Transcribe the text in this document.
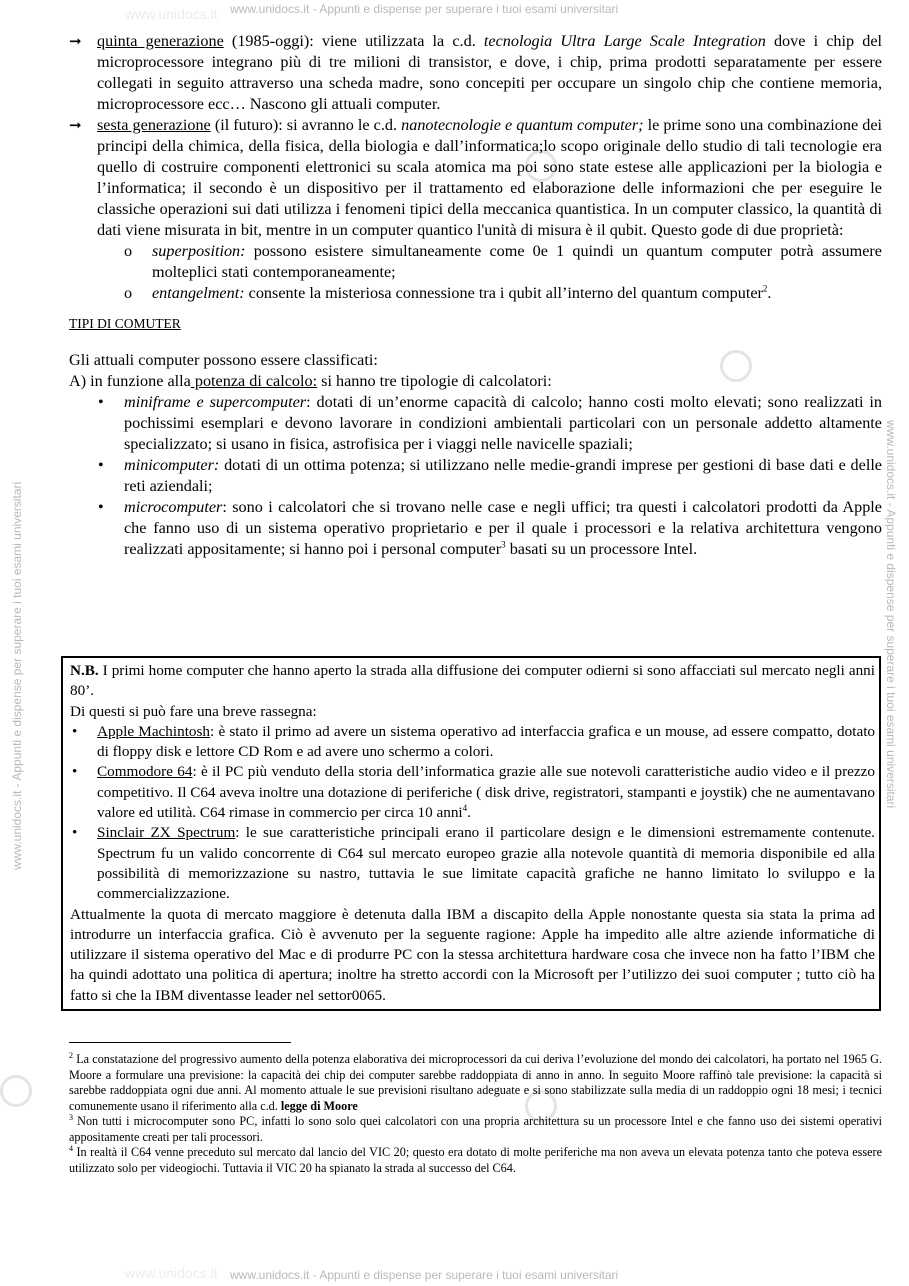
www.unidocs.it - Appunti e dispense per superare i tuoi esami universitari
www.unidocs.it - Appunti e dispense per superare i tuoi esami universitari
www.unidocs.it - Appunti e dispense per superare i tuoi esami universitari	www.unidocs.it - Appunti e dispense per superare i tuoi esami universitari
www.unidocs.it
www.unidocs.it
➞ quinta generazione (1985-oggi): viene utilizzata la c.d. tecnologia Ultra Large Scale Integration dove i chip del microprocessore integrano più di tre milioni di transistor, e dove, i chip, prima prodotti separatamente per essere collegati in seguito attraverso una scheda madre, sono concepiti per occupare un singolo chip che contiene memoria, microprocessore ecc… Nascono gli attuali computer.
➞ sesta generazione (il futuro): si avranno le c.d. nanotecnologie e quantum computer; le prime sono una combinazione dei principi della chimica, della fisica, della biologia e dall’informatica;lo scopo originale dello studio di tali tecnologie era quello di costruire componenti elettronici su scala atomica ma poi sono state estese alle applicazioni per la biologia e l’informatica; il secondo è un dispositivo per il trattamento ed elaborazione delle informazioni che per eseguire le classiche operazioni sui dati utilizza i fenomeni tipici della meccanica quantistica. In un computer classico, la quantità di dati viene misurata in bit, mentre in un computer quantico l'unità di misura è il qubit. Questo gode di due proprietà:
o superposition: possono esistere simultaneamente come 0e 1 quindi un quantum computer potrà assumere molteplici stati contemporaneamente;
o entangelment: consente la misteriosa connessione tra i qubit all’interno del quantum computer$^2$.
TIPI DI COMUTER
Gli attuali computer possono essere classificati:
A) in funzione alla potenza di calcolo: si hanno tre tipologie di calcolatori:
• miniframe e supercomputer: dotati di un’enorme capacità di calcolo; hanno costi molto elevati; sono realizzati in pochissimi esemplari e devono lavorare in condizioni ambientali particolari con un personale addetto altamente specializzato; si usano in fisica, astrofisica per i viaggi nelle navicelle spaziali;
• minicomputer: dotati di un ottima potenza; si utilizzano nelle medie-grandi imprese per gestioni di base dati e delle reti aziendali;
• microcomputer: sono i calcolatori che si trovano nelle case e negli uffici; tra questi i calcolatori prodotti da Apple che fanno uso di un sistema operativo proprietario e per il quale i processori e la relativa architettura vengono realizzati appositamente; si hanno poi i personal computer$^3$ basati su un processore Intel.
N.B. I primi home computer che hanno aperto la strada alla diffusione dei computer odierni si sono affacciati sul mercato negli anni 80’.
Di questi si può fare una breve rassegna:
• Apple Machintosh: è stato il primo ad avere un sistema operativo ad interfaccia grafica e un mouse, ad essere compatto, dotato di floppy disk e lettore CD Rom e ad avere uno schermo a colori.
• Commodore 64: è il PC più venduto della storia dell’informatica grazie alle sue notevoli caratteristiche audio video e il prezzo competitivo. Il C64 aveva inoltre una dotazione di periferiche ( disk drive, registratori, stampanti e joystik) che ne aumentavano valore ed utilità. C64 rimase in commercio per circa 10 anni$^4$.
• Sinclair ZX Spectrum: le sue caratteristiche principali erano il particolare design e le dimensioni estremamente contenute. Spectrum fu un valido concorrente di C64 sul mercato europeo grazie alla notevole quantità di memoria disponibile ed alla possibilità di memorizzazione su nastro, tuttavia le sue limitate capacità grafiche ne hanno limitato lo sviluppo e la commercializzazione.
Attualmente la quota di mercato maggiore è detenuta dalla IBM a discapito della Apple nonostante questa sia stata la prima ad introdurre un interfaccia grafica. Ciò è avvenuto per la seguente ragione: Apple ha impedito alle altre aziende informatiche di utilizzare il sistema operativo del Mac e di produrre PC con la stessa architettura hardware cosa che invece non ha fatto l’IBM che ha quindi adottato una politica di apertura; inoltre ha stretto accordi con la Microsoft per l’utilizzo dei suoi computer ; tutto ciò ha fatto si che la IBM diventasse leader nel settor0065.

$^2$ La constatazione del progressivo aumento della potenza elaborativa dei microprocessori da cui deriva l’evoluzione del mondo dei calcolatori, ha portato nel 1965 G. Moore a formulare una previsione: la capacità dei chip dei computer sarebbe raddoppiata di anno in anno. In seguito Moore raffinò tale previsione: la capacità si sarebbe raddoppiata ogni due anni. Al momento attuale le sue previsioni risultano adeguate e si sono stabilizzate sulla media di un raddoppio ogni 18 mesi; i tecnici comunemente usano il riferimento alla c.d. legge di Moore

$^3$ Non tutti i microcomputer sono PC, infatti lo sono solo quei calcolatori con una propria architettura su un processore Intel e che fanno uso dei sistemi operativi appositamente creati per tali processori.

$^4$ In realtà il C64 venne preceduto sul mercato dal lancio del VIC 20; questo era dotato di molte periferiche ma non aveva un elevata potenza tanto che poteva essere utilizzato solo per videogiochi. Tuttavia il VIC 20 ha spianato la strada al successo del C64.
